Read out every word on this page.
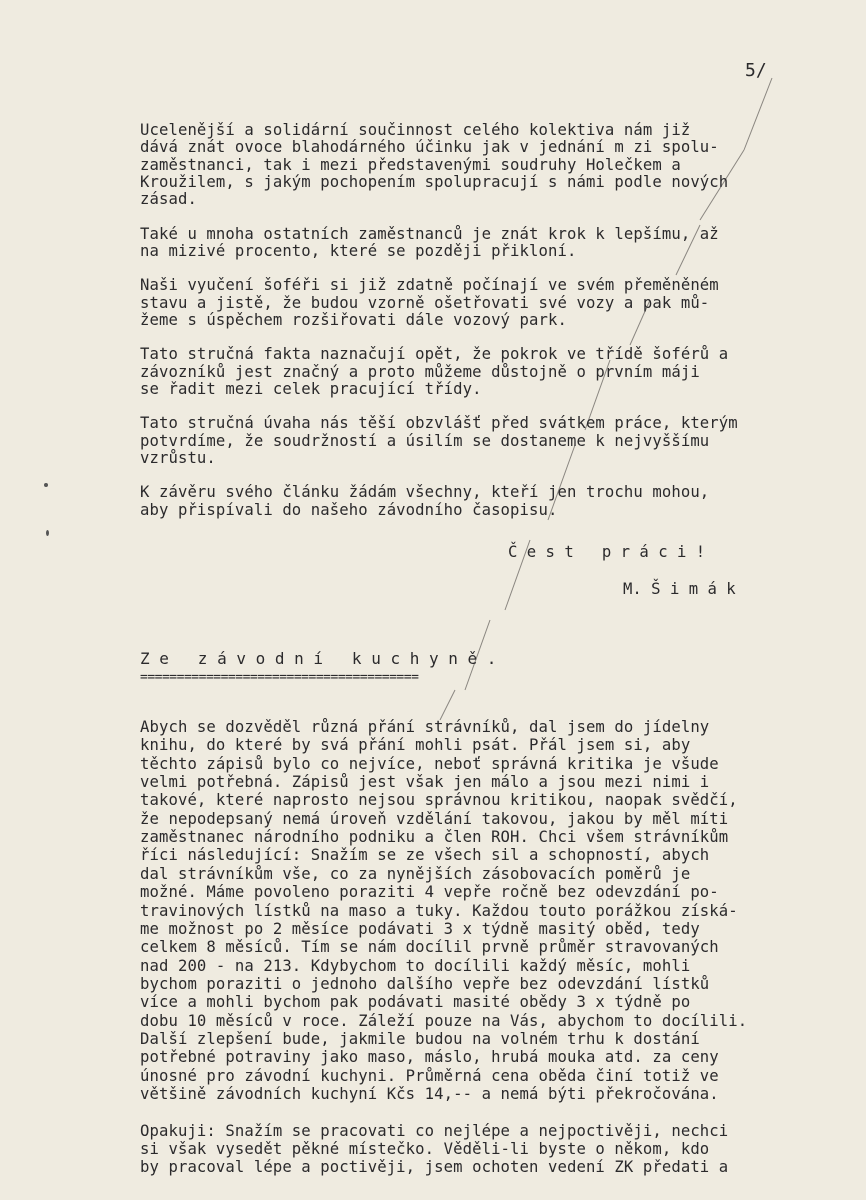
5/
Ucelenější a solidární součinnost celého kolektiva nám již
dává znát ovoce blahodárného účinku jak v jednání m zi spolu-
zaměstnanci, tak i mezi představenými soudruhy Holečkem a
Kroužilem, s jakým pochopením spolupracují s námi podle nových
zásad.
Také u mnoha ostatních zaměstnanců je znát krok k lepšímu, až
na mizivé procento, které se později přikloní.
Naši vyučení šoféři si již zdatně počínají ve svém přeměněném
stavu a jistě, že budou vzorně ošetřovati své vozy a pak mů-
žeme s úspěchem rozšiřovati dále vozový park.
Tato stručná fakta naznačují opět, že pokrok ve třídě šoférů a
závozníků jest značný a proto můžeme důstojně o prvním máji
se řadit mezi celek pracující třídy.
Tato stručná úvaha nás těší obzvlášť před svátkem práce, kterým
potvrdíme, že soudržností a úsilím se dostaneme k nejvyššímu
vzrůstu.
K závěru svého článku žádám všechny, kteří jen trochu mohou,
aby přispívali do našeho závodního časopisu.
Č e s t   p r á c i !
M. Š i m á k
Z e   z á v o d n í   k u c h y n ě .
======================================
Abych se dozvěděl různá přání strávníků, dal jsem do jídelny
knihu, do které by svá přání mohli psát. Přál jsem si, aby
těchto zápisů bylo co nejvíce, neboť správná kritika je všude
velmi potřebná. Zápisů jest však jen málo a jsou mezi nimi i
takové, které naprosto nejsou správnou kritikou, naopak svědčí,
že nepodepsaný nemá úroveň vzdělání takovou, jakou by měl míti
zaměstnanec národního podniku a člen ROH. Chci všem strávníkům
říci následující: Snažím se ze všech sil a schopností, abych
dal strávníkům vše, co za nynějších zásobovacích poměrů je
možné. Máme povoleno poraziti 4 vepře ročně bez odevzdání po-
travinových lístků na maso a tuky. Každou touto porážkou získá-
me možnost po 2 měsíce podávati 3 x týdně masitý oběd, tedy
celkem 8 měsíců. Tím se nám docílil prvně průměr stravovaných
nad 200 - na 213. Kdybychom to docílili každý měsíc, mohli
bychom poraziti o jednoho dalšího vepře bez odevzdání lístků
více a mohli bychom pak podávati masité obědy 3 x týdně po
dobu 10 měsíců v roce. Záleží pouze na Vás, abychom to docílili.
Další zlepšení bude, jakmile budou na volném trhu k dostání
potřebné potraviny jako maso, máslo, hrubá mouka atd. za ceny
únosné pro závodní kuchyni. Průměrná cena oběda činí totiž ve
většině závodních kuchyní Kčs 14,-- a nemá býti překročována.
Opakuji: Snažím se pracovati co nejlépe a nejpoctivěji, nechci
si však vysedět pěkné místečko. Věděli-li byste o někom, kdo
by pracoval lépe a poctivěji, jsem ochoten vedení ZK předati a
